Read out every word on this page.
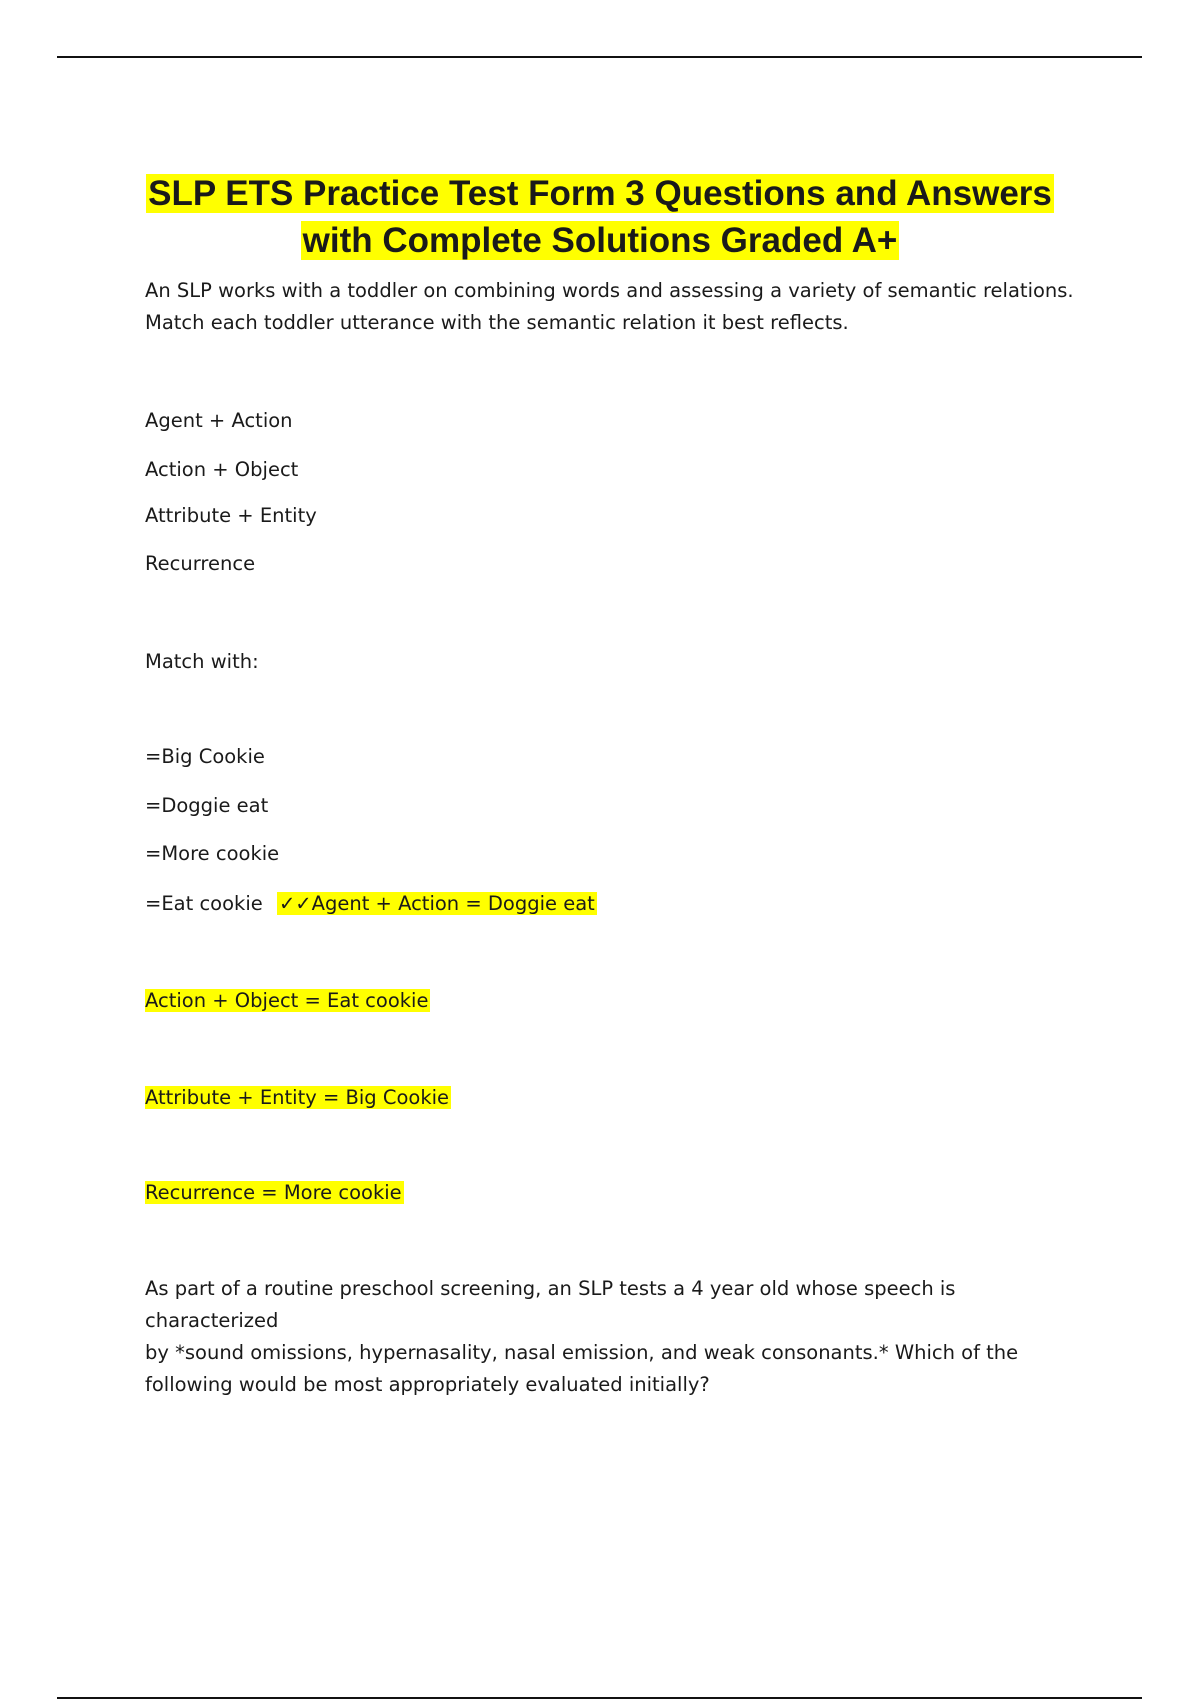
SLP ETS Practice Test Form 3 Questions and Answers
with Complete Solutions Graded A+

An SLP works with a toddler on combining words and assessing a variety of semantic relations.
Match each toddler utterance with the semantic relation it best reflects.

Agent + Action

Action + Object

Attribute + Entity

Recurrence

Match with:

=Big Cookie

=Doggie eat

=More cookie

=Eat cookie ✓✓Agent + Action = Doggie eat

Action + Object = Eat cookie

Attribute + Entity = Big Cookie

Recurrence = More cookie

As part of a routine preschool screening, an SLP tests a 4 year old whose speech is characterized
by *sound omissions, hypernasality, nasal emission, and weak consonants.* Which of the
following would be most appropriately evaluated initially?
